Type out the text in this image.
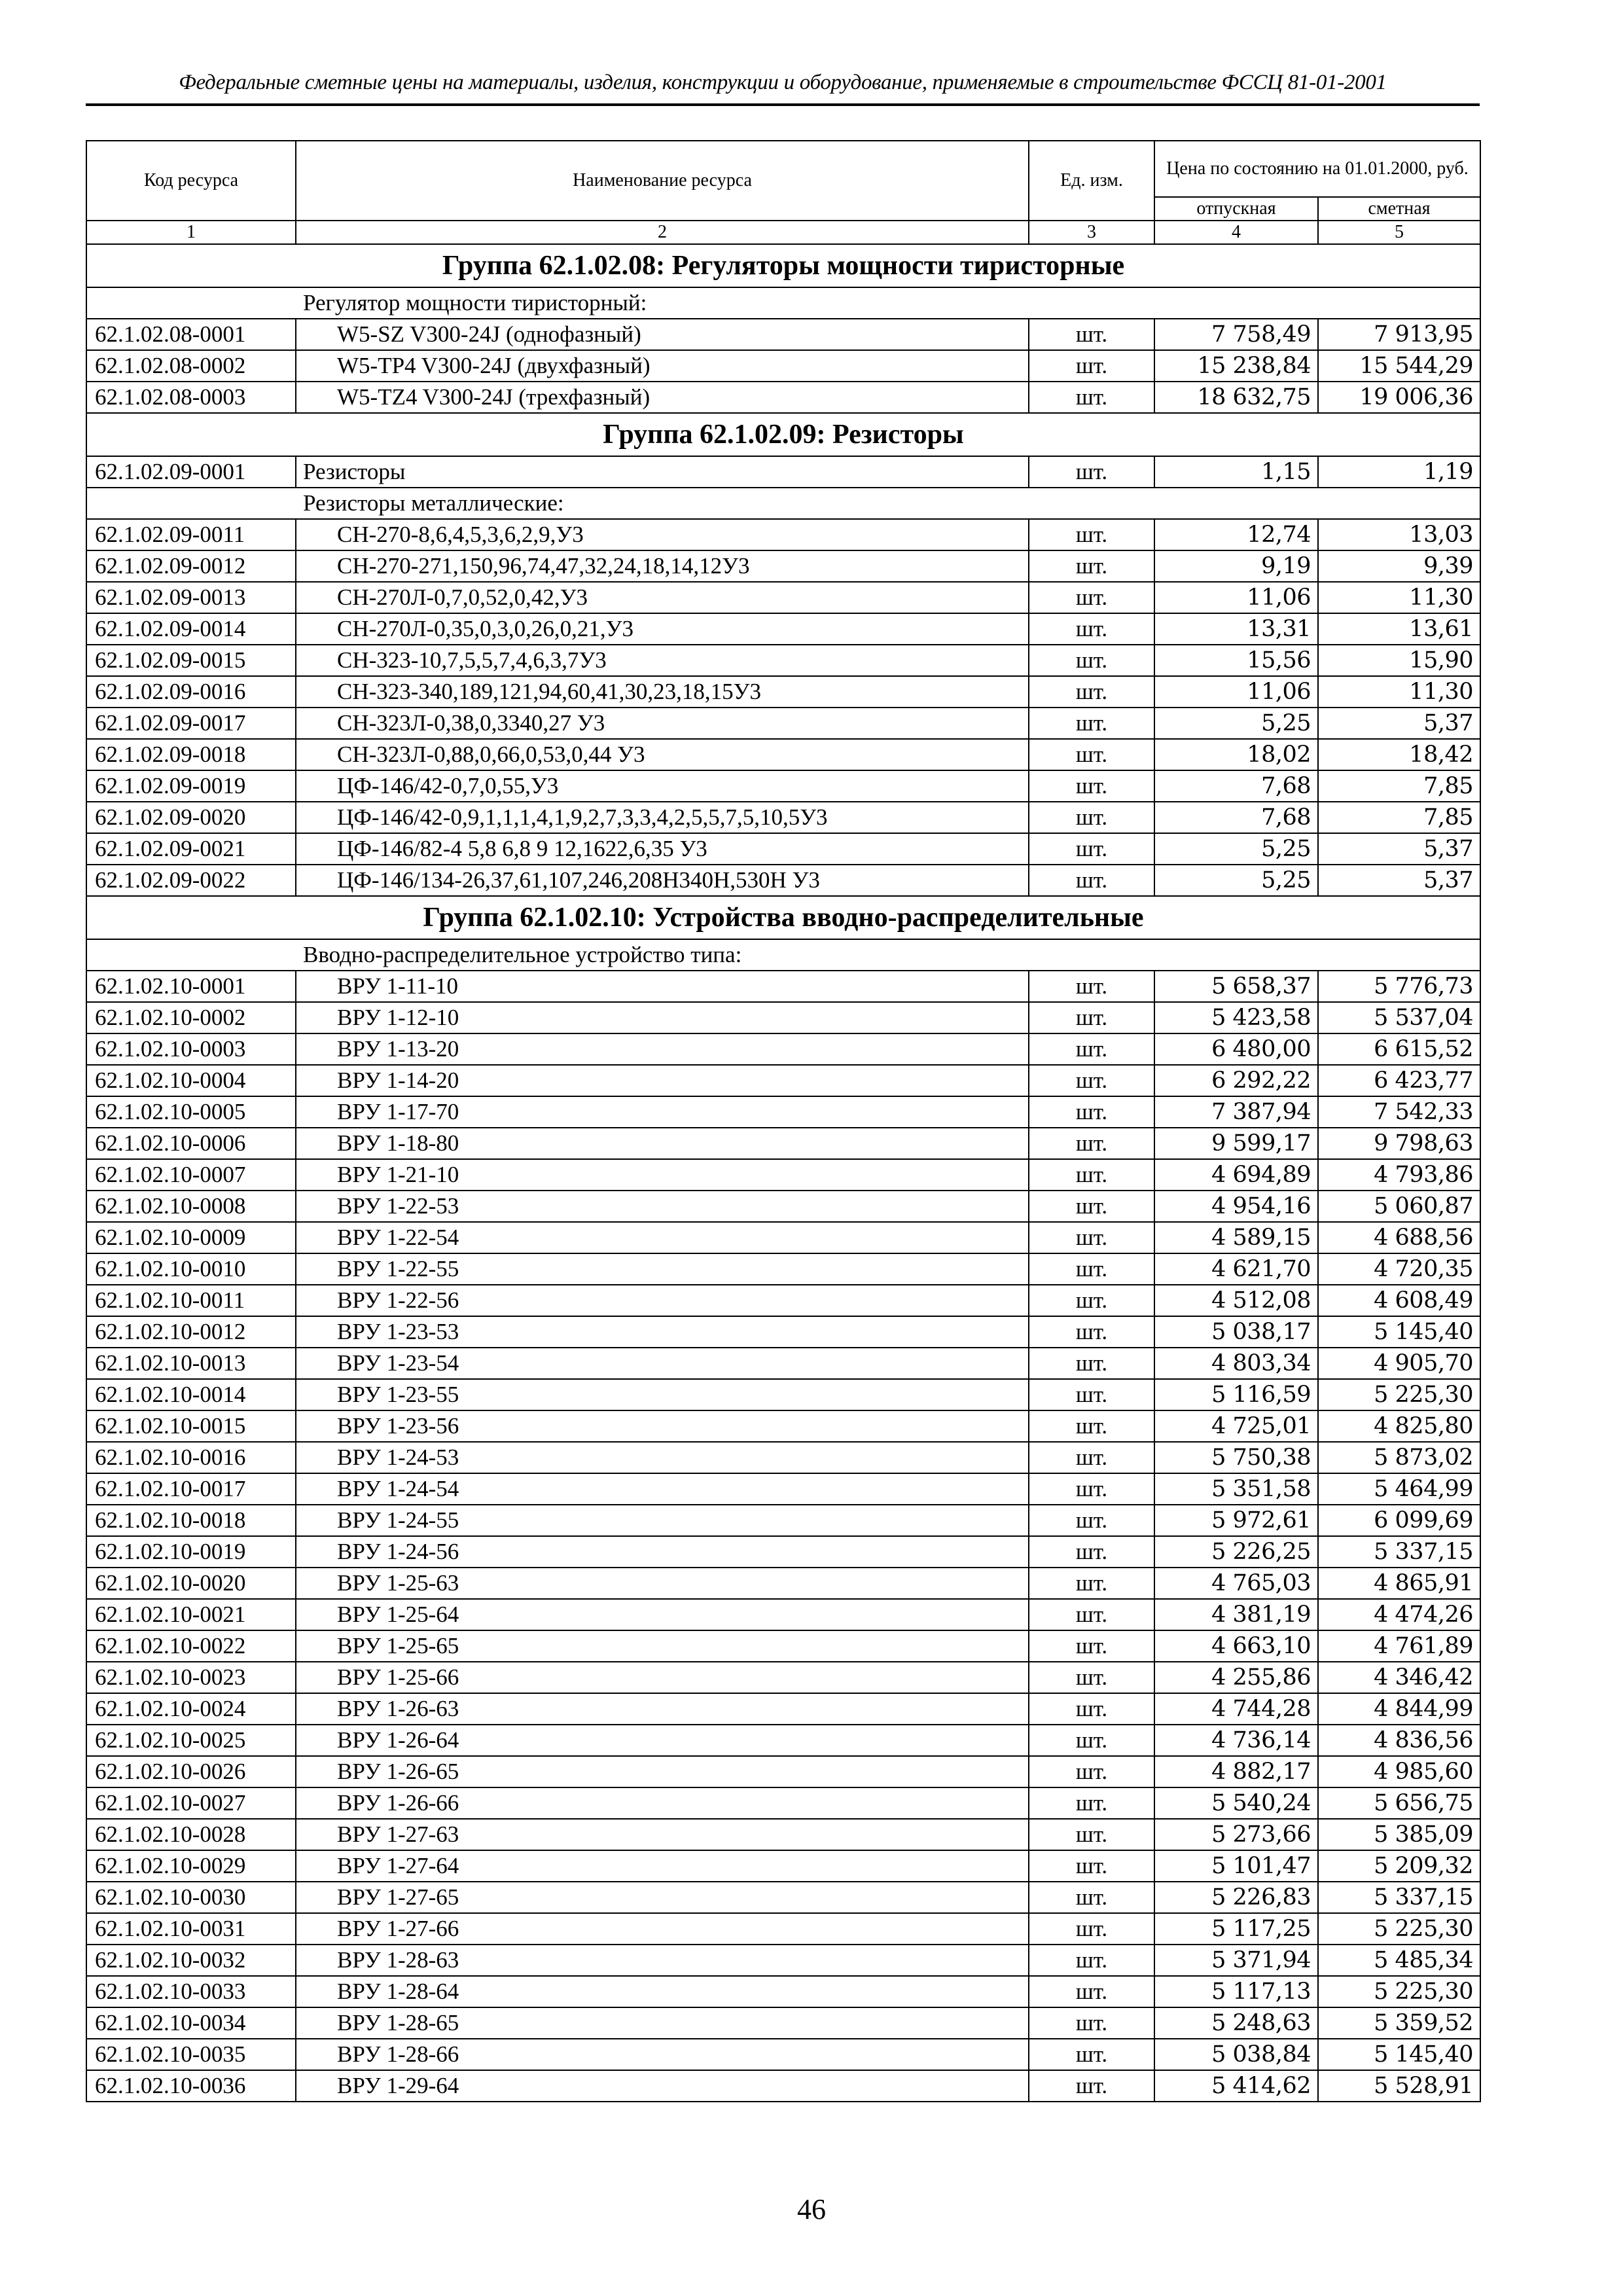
Федеральные сметные цены на материалы, изделия, конструкции и оборудование, применяемые в строительстве ФССЦ 81-01-2001
Код ресурса	Наименование ресурса	Ед. изм.	Цена по состоянию на 01.01.2000, руб.	
			отпускная	сметная
1	2	3	4	5
Группа 62.1.02.08: Регуляторы мощности тиристорные				
Регулятор мощности тиристорный:				
62.1.02.08-0001	W5-SZ V300-24J (однофазный)	шт.	7 758,49	7 913,95
62.1.02.08-0002	W5-TP4 V300-24J (двухфазный)	шт.	15 238,84	15 544,29
62.1.02.08-0003	W5-TZ4 V300-24J (трехфазный)	шт.	18 632,75	19 006,36
Группа 62.1.02.09: Резисторы				
62.1.02.09-0001	Резисторы	шт.	1,15	1,19
Резисторы металлические:				
62.1.02.09-0011	СН-270-8,6,4,5,3,6,2,9,У3	шт.	12,74	13,03
62.1.02.09-0012	СН-270-271,150,96,74,47,32,24,18,14,12У3	шт.	9,19	9,39
62.1.02.09-0013	СН-270Л-0,7,0,52,0,42,У3	шт.	11,06	11,30
62.1.02.09-0014	СН-270Л-0,35,0,3,0,26,0,21,У3	шт.	13,31	13,61
62.1.02.09-0015	СН-323-10,7,5,5,7,4,6,3,7У3	шт.	15,56	15,90
62.1.02.09-0016	СН-323-340,189,121,94,60,41,30,23,18,15У3	шт.	11,06	11,30
62.1.02.09-0017	СН-323Л-0,38,0,3340,27 У3	шт.	5,25	5,37
62.1.02.09-0018	СН-323Л-0,88,0,66,0,53,0,44 У3	шт.	18,02	18,42
62.1.02.09-0019	ЦФ-146/42-0,7,0,55,У3	шт.	7,68	7,85
62.1.02.09-0020	ЦФ-146/42-0,9,1,1,1,4,1,9,2,7,3,3,4,2,5,5,7,5,10,5У3	шт.	7,68	7,85
62.1.02.09-0021	ЦФ-146/82-4 5,8 6,8 9 12,1622,6,35 У3	шт.	5,25	5,37
62.1.02.09-0022	ЦФ-146/134-26,37,61,107,246,208Н340Н,530Н У3	шт.	5,25	5,37
Группа 62.1.02.10: Устройства вводно-распределительные				
Вводно-распределительное устройство типа:				
62.1.02.10-0001	ВРУ 1-11-10	шт.	5 658,37	5 776,73
62.1.02.10-0002	ВРУ 1-12-10	шт.	5 423,58	5 537,04
62.1.02.10-0003	ВРУ 1-13-20	шт.	6 480,00	6 615,52
62.1.02.10-0004	ВРУ 1-14-20	шт.	6 292,22	6 423,77
62.1.02.10-0005	ВРУ 1-17-70	шт.	7 387,94	7 542,33
62.1.02.10-0006	ВРУ 1-18-80	шт.	9 599,17	9 798,63
62.1.02.10-0007	ВРУ 1-21-10	шт.	4 694,89	4 793,86
62.1.02.10-0008	ВРУ 1-22-53	шт.	4 954,16	5 060,87
62.1.02.10-0009	ВРУ 1-22-54	шт.	4 589,15	4 688,56
62.1.02.10-0010	ВРУ 1-22-55	шт.	4 621,70	4 720,35
62.1.02.10-0011	ВРУ 1-22-56	шт.	4 512,08	4 608,49
62.1.02.10-0012	ВРУ 1-23-53	шт.	5 038,17	5 145,40
62.1.02.10-0013	ВРУ 1-23-54	шт.	4 803,34	4 905,70
62.1.02.10-0014	ВРУ 1-23-55	шт.	5 116,59	5 225,30
62.1.02.10-0015	ВРУ 1-23-56	шт.	4 725,01	4 825,80
62.1.02.10-0016	ВРУ 1-24-53	шт.	5 750,38	5 873,02
62.1.02.10-0017	ВРУ 1-24-54	шт.	5 351,58	5 464,99
62.1.02.10-0018	ВРУ 1-24-55	шт.	5 972,61	6 099,69
62.1.02.10-0019	ВРУ 1-24-56	шт.	5 226,25	5 337,15
62.1.02.10-0020	ВРУ 1-25-63	шт.	4 765,03	4 865,91
62.1.02.10-0021	ВРУ 1-25-64	шт.	4 381,19	4 474,26
62.1.02.10-0022	ВРУ 1-25-65	шт.	4 663,10	4 761,89
62.1.02.10-0023	ВРУ 1-25-66	шт.	4 255,86	4 346,42
62.1.02.10-0024	ВРУ 1-26-63	шт.	4 744,28	4 844,99
62.1.02.10-0025	ВРУ 1-26-64	шт.	4 736,14	4 836,56
62.1.02.10-0026	ВРУ 1-26-65	шт.	4 882,17	4 985,60
62.1.02.10-0027	ВРУ 1-26-66	шт.	5 540,24	5 656,75
62.1.02.10-0028	ВРУ 1-27-63	шт.	5 273,66	5 385,09
62.1.02.10-0029	ВРУ 1-27-64	шт.	5 101,47	5 209,32
62.1.02.10-0030	ВРУ 1-27-65	шт.	5 226,83	5 337,15
62.1.02.10-0031	ВРУ 1-27-66	шт.	5 117,25	5 225,30
62.1.02.10-0032	ВРУ 1-28-63	шт.	5 371,94	5 485,34
62.1.02.10-0033	ВРУ 1-28-64	шт.	5 117,13	5 225,30
62.1.02.10-0034	ВРУ 1-28-65	шт.	5 248,63	5 359,52
62.1.02.10-0035	ВРУ 1-28-66	шт.	5 038,84	5 145,40
62.1.02.10-0036	ВРУ 1-29-64	шт.	5 414,62	5 528,91
46
